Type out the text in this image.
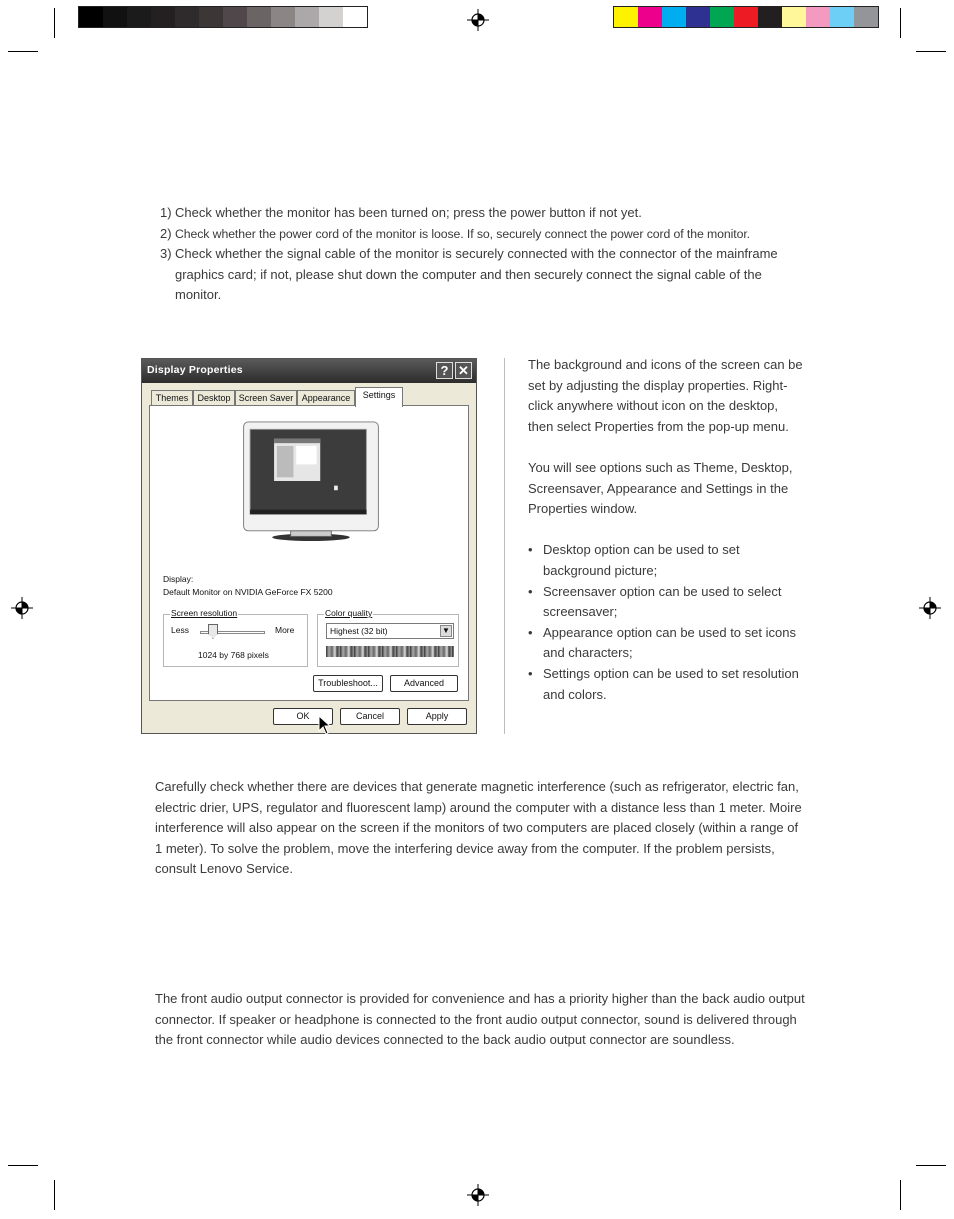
1) Check whether the monitor has been turned on; press the power button if not yet.
2) Check whether the power cord of the monitor is loose. If so, securely connect the power cord of the monitor.
3) Check whether the signal cable of the monitor is securely connected with the connector of the mainframe graphics card; if not, please shut down the computer and then securely connect the signal cable of the monitor.
Display Properties	? ✕
Themes	Desktop Screen Saver Appearance	Settings
Display:
Default Monitor on NVIDIA GeForce FX 5200
Screen resolution
Less	More
1024 by 768 pixels
Color quality
Highest (32 bit)	▼
Troubleshoot...	Advanced
OK	Cancel	Apply

The background and icons of the screen can be set by adjusting the display properties. Right-click anywhere without icon on the desktop, then select Properties from the pop-up menu.

You will see options such as Theme, Desktop, Screensaver, Appearance and Settings in the Properties window.

• Desktop option can be used to set background picture;
• Screensaver option can be used to select screensaver;
• Appearance option can be used to set icons and characters;
• Settings option can be used to set resolution and colors.

Carefully check whether there are devices that generate magnetic interference (such as refrigerator, electric fan, electric drier, UPS, regulator and fluorescent lamp) around the computer with a distance less than 1 meter. Moire interference will also appear on the screen if the monitors of two computers are placed closely (within a range of 1 meter). To solve the problem, move the interfering device away from the computer. If the problem persists, consult Lenovo Service.

The front audio output connector is provided for convenience and has a priority higher than the back audio output connector. If speaker or headphone is connected to the front audio output connector, sound is delivered through the front connector while audio devices connected to the back audio output connector are soundless.
